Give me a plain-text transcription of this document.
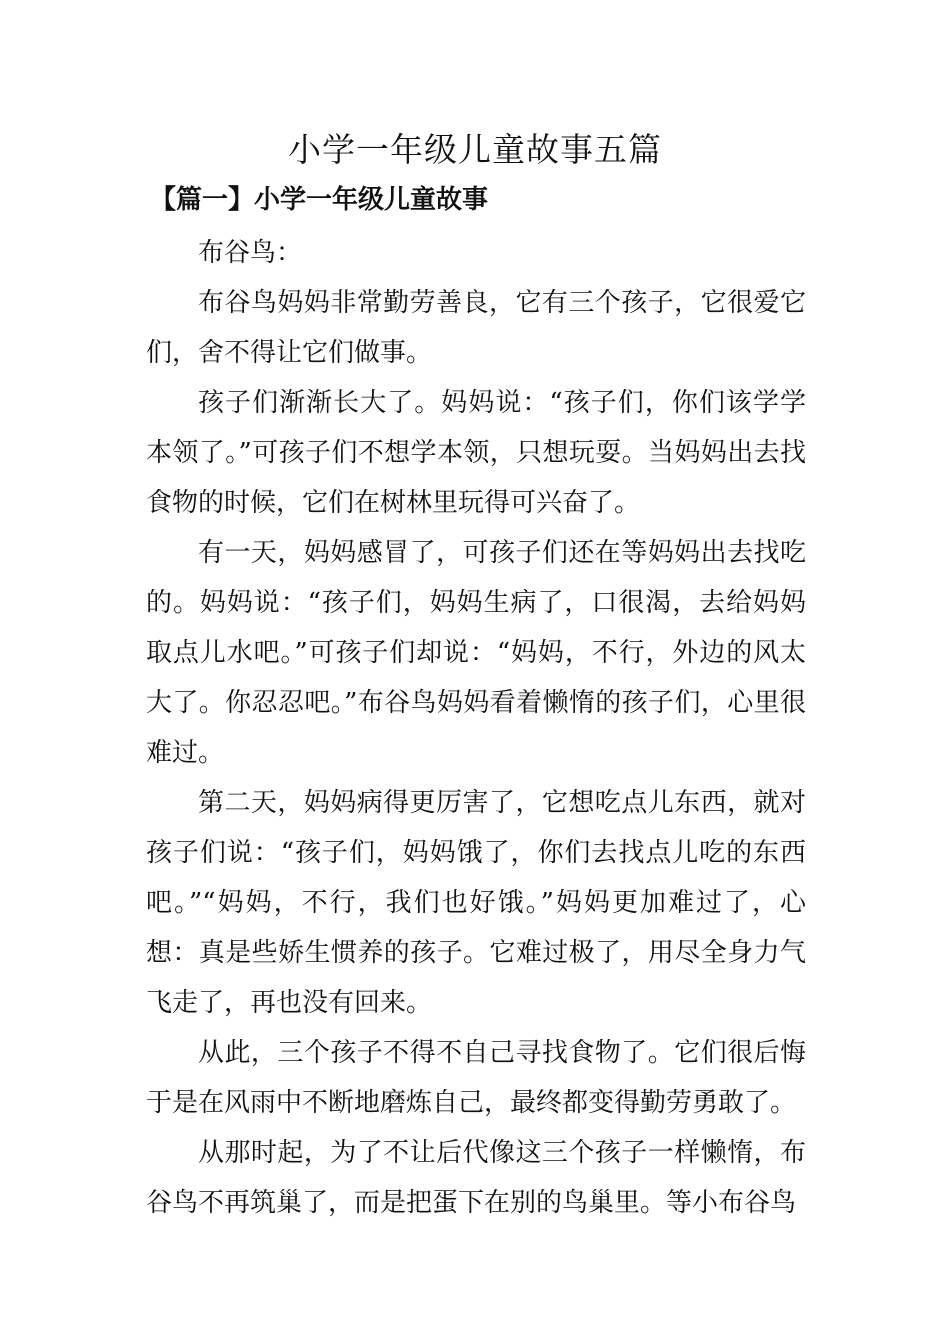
小学一年级儿童故事五篇
【篇一】小学一年级儿童故事

布谷鸟：

布谷鸟妈妈非常勤劳善良，它有三个孩子，它很爱它们，舍不得让它们做事。

孩子们渐渐长大了。妈妈说：“孩子们，你们该学学本领了。”可孩子们不想学本领，只想玩耍。当妈妈出去找食物的时候，它们在树林里玩得可兴奋了。

有一天，妈妈感冒了，可孩子们还在等妈妈出去找吃的。妈妈说：“孩子们，妈妈生病了，口很渴，去给妈妈取点儿水吧。”可孩子们却说：“妈妈，不行，外边的风太大了。你忍忍吧。”布谷鸟妈妈看着懒惰的孩子们，心里很难过。

第二天，妈妈病得更厉害了，它想吃点儿东西，就对孩子们说：“孩子们，妈妈饿了，你们去找点儿吃的东西吧。”“妈妈，不行，我们也好饿。”妈妈更加难过了，心想：真是些娇生惯养的孩子。它难过极了，用尽全身力气飞走了，再也没有回来。

从此，三个孩子不得不自己寻找食物了。它们很后悔于是在风雨中不断地磨炼自己，最终都变得勤劳勇敢了。

从那时起，为了不让后代像这三个孩子一样懒惰，布谷鸟不再筑巢了，而是把蛋下在别的鸟巢里。等小布谷鸟
